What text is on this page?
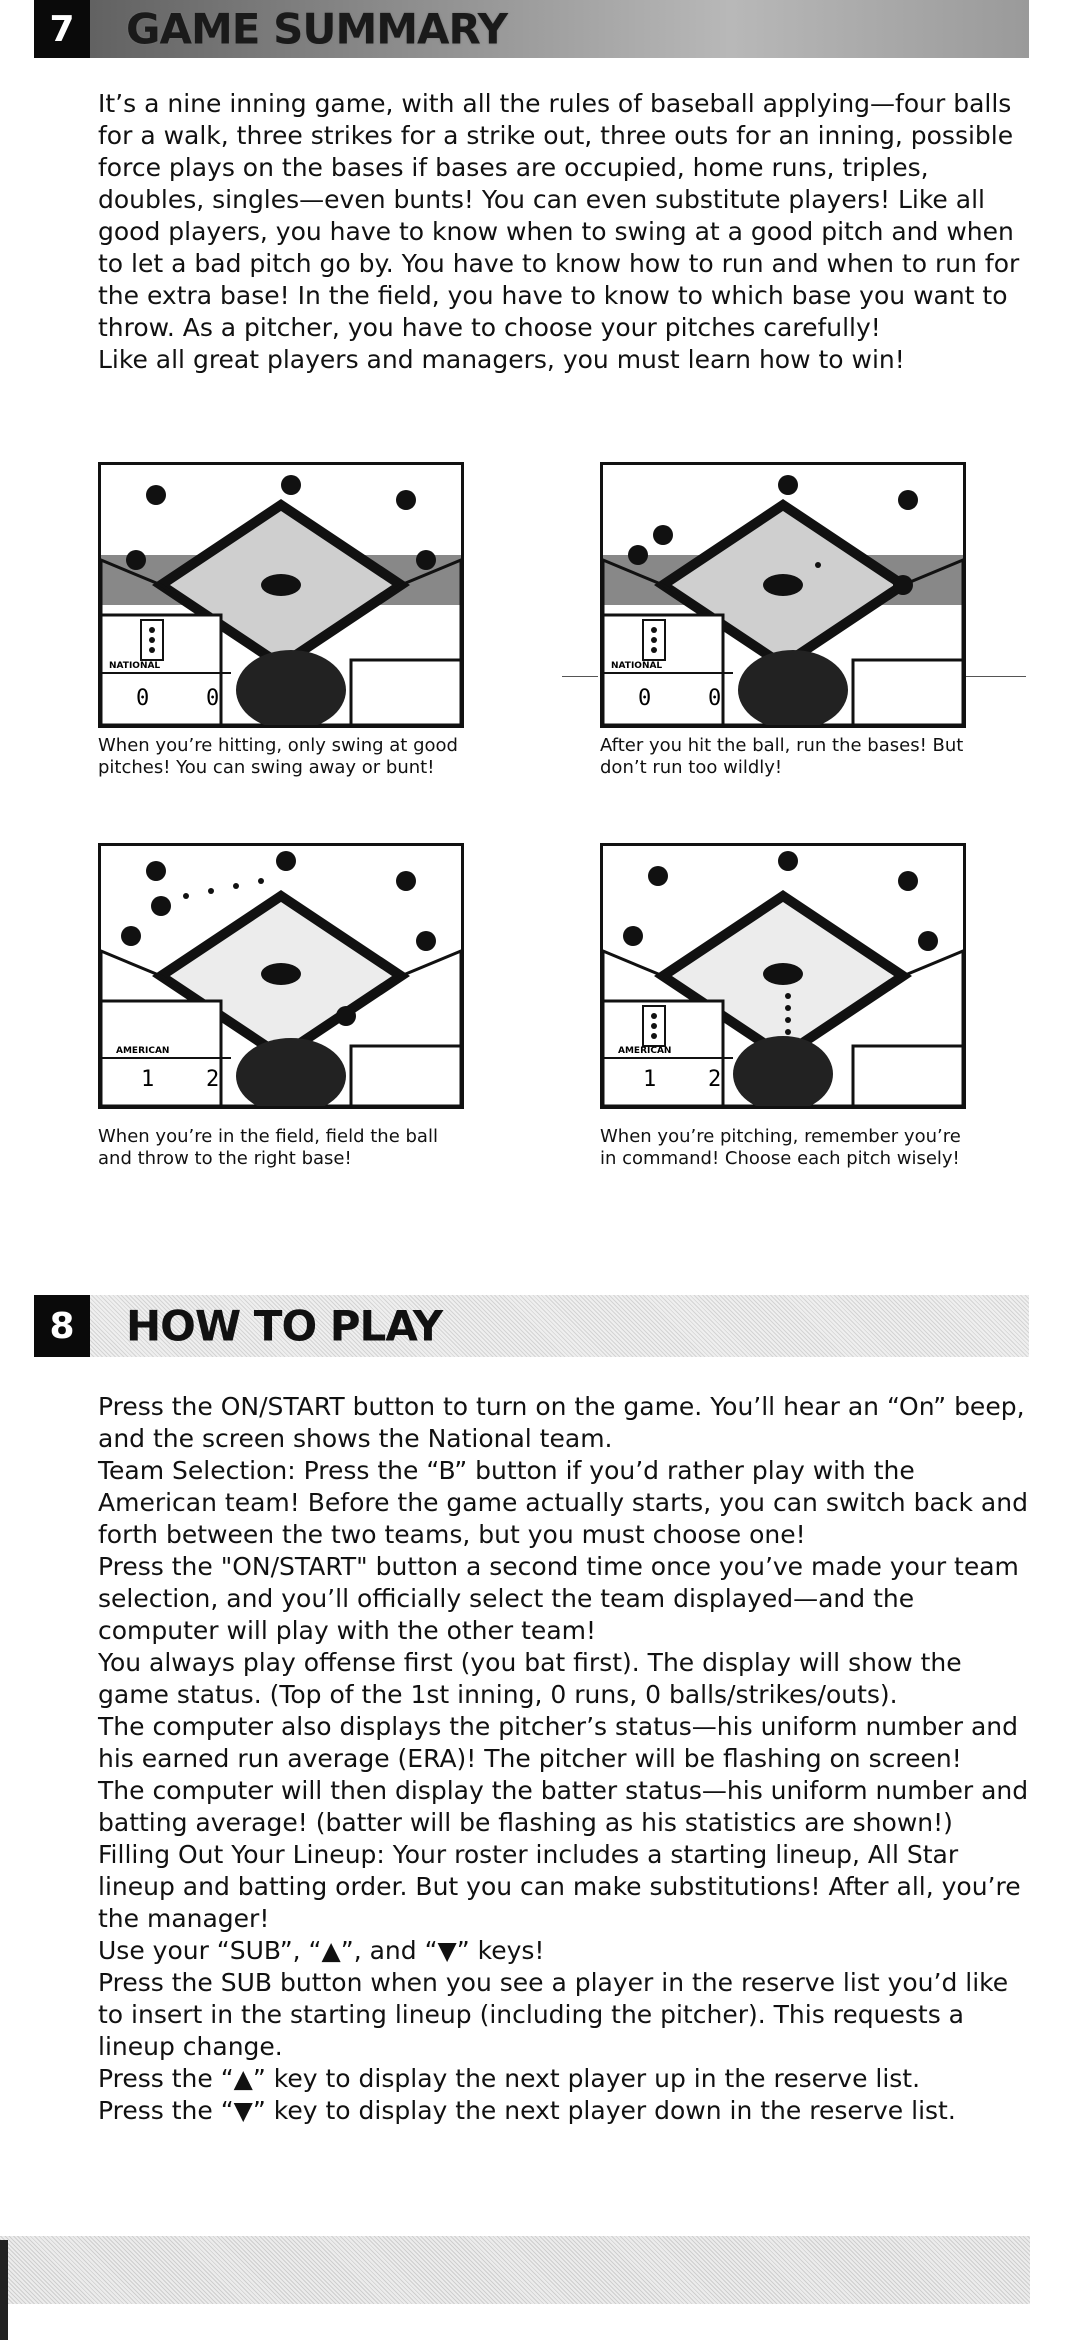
7	GAME SUMMARY

It’s a nine inning game, with all the rules of baseball applying—four balls for a walk, three strikes for a strike out, three outs for an inning, possible force plays on the bases if bases are occupied, home runs, triples, doubles, singles—even bunts! You can even substitute players! Like all good players, you have to know when to swing at a good pitch and when to let a bad pitch go by. You have to know how to run and when to run for the extra base! In the field, you have to know to which base you want to throw. As a pitcher, you have to choose your pitches carefully!

Like all great players and managers, you must learn how to win!

NATIONAL
0	0
When you’re hitting, only swing at good pitches! You can swing away or bunt!
NATIONAL
0	0
After you hit the ball, run the bases! But don’t run too wildly!
AMERICAN
1 2
When you’re in the field, field the ball and throw to the right base!
AMERICAN
1 2
When you’re pitching, remember you’re in command! Choose each pitch wisely!
8	HOW TO PLAY

Press the ON/START button to turn on the game. You’ll hear an “On” beep, and the screen shows the National team.

Team Selection: Press the “B” button if you’d rather play with the American team! Before the game actually starts, you can switch back and forth between the two teams, but you must choose one!

Press the "ON/START" button a second time once you’ve made your team selection, and you’ll officially select the team displayed—and the computer will play with the other team!

You always play offense first (you bat first). The display will show the game status. (Top of the 1st inning, 0 runs, 0 balls/strikes/outs).

The computer also displays the pitcher’s status—his uniform number and his earned run average (ERA)! The pitcher will be flashing on screen!

The computer will then display the batter status—his uniform number and batting average! (batter will be flashing as his statistics are shown!)

Filling Out Your Lineup: Your roster includes a starting lineup, All Star lineup and batting order. But you can make substitutions! After all, you’re the manager!

Use your “SUB”, “▲”, and “▼” keys!

Press the SUB button when you see a player in the reserve list you’d like to insert in the starting lineup (including the pitcher). This requests a lineup change.

Press the “▲” key to display the next player up in the reserve list.

Press the “▼” key to display the next player down in the reserve list.
